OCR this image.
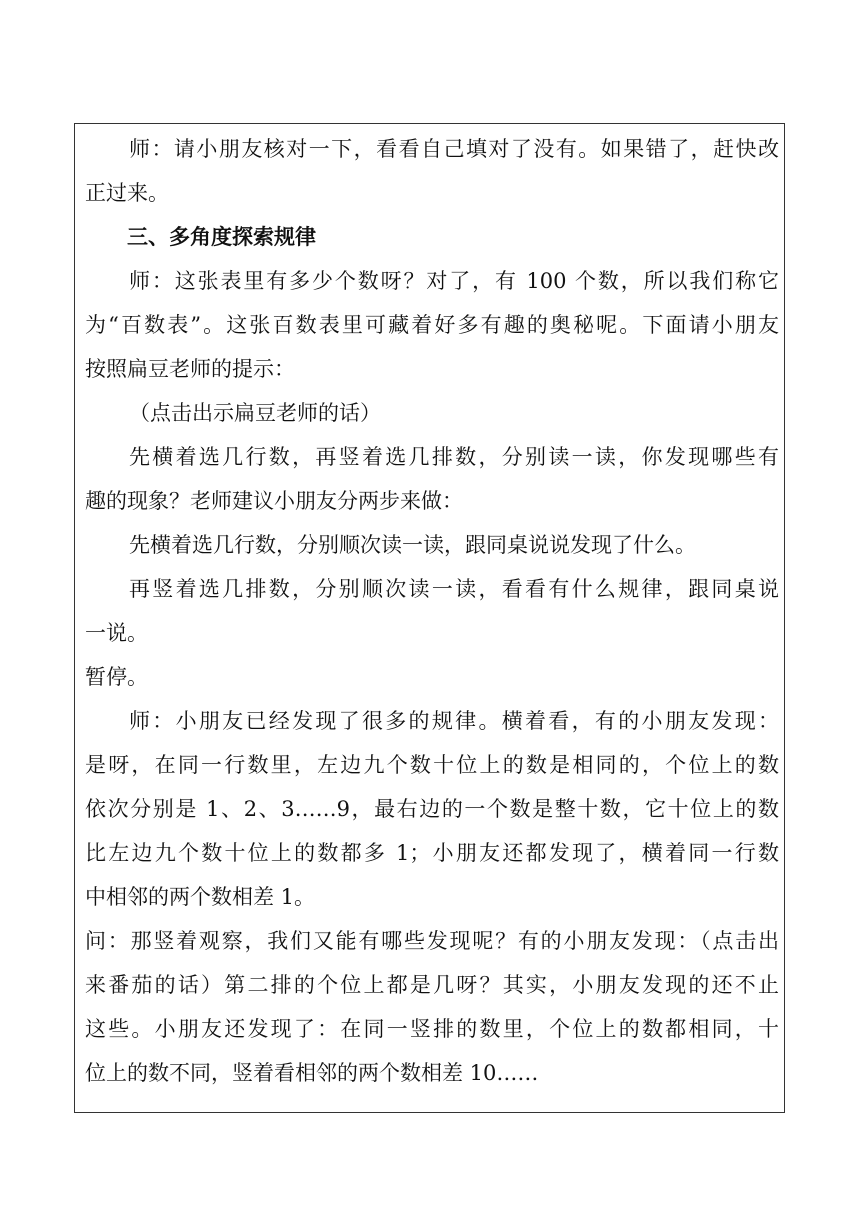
师：请小朋友核对一下，看看自己填对了没有。如果错了，赶快改
正过来。
三、多角度探索规律
师：这张表里有多少个数呀？对了，有 100 个数，所以我们称它
为“百数表”。这张百数表里可藏着好多有趣的奥秘呢。下面请小朋友
按照扁豆老师的提示：
（点击出示扁豆老师的话）
先横着选几行数，再竖着选几排数，分别读一读，你发现哪些有
趣的现象？老师建议小朋友分两步来做：
先横着选几行数，分别顺次读一读，跟同桌说说发现了什么。
再竖着选几排数，分别顺次读一读，看看有什么规律，跟同桌说
一说。
暂停。
师：小朋友已经发现了很多的规律。横着看，有的小朋友发现：
是呀，在同一行数里，左边九个数十位上的数是相同的，个位上的数
依次分别是 1、2、3……9，最右边的一个数是整十数，它十位上的数
比左边九个数十位上的数都多 1；小朋友还都发现了，横着同一行数
中相邻的两个数相差 1。
问：那竖着观察，我们又能有哪些发现呢？有的小朋友发现：（点击出
来番茄的话）第二排的个位上都是几呀？其实，小朋友发现的还不止
这些。小朋友还发现了：在同一竖排的数里，个位上的数都相同，十
位上的数不同，竖着看相邻的两个数相差 10……
